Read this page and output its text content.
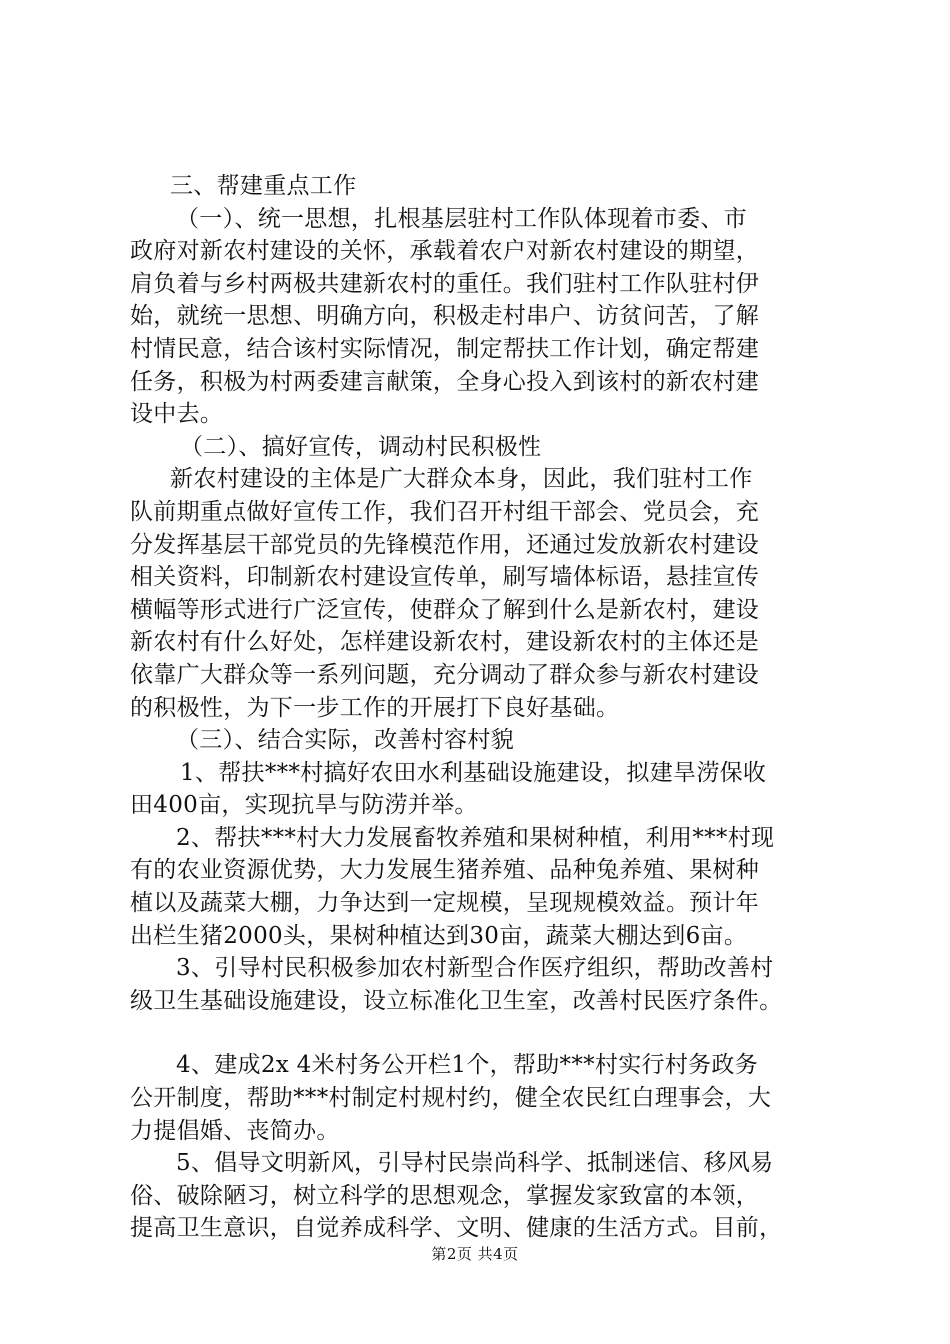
三、帮建重点工作
（一）、统一思想，扎根基层驻村工作队体现着市委、市
政府对新农村建设的关怀，承载着农户对新农村建设的期望，
肩负着与乡村两极共建新农村的重任。我们驻村工作队驻村伊
始，就统一思想、明确方向，积极走村串户、访贫问苦，了解
村情民意，结合该村实际情况，制定帮扶工作计划，确定帮建
任务，积极为村两委建言献策，全身心投入到该村的新农村建
设中去。
（二）、搞好宣传，调动村民积极性
新农村建设的主体是广大群众本身，因此，我们驻村工作
队前期重点做好宣传工作，我们召开村组干部会、党员会，充
分发挥基层干部党员的先锋模范作用，还通过发放新农村建设
相关资料，印制新农村建设宣传单，刷写墙体标语，悬挂宣传
横幅等形式进行广泛宣传，使群众了解到什么是新农村，建设
新农村有什么好处，怎样建设新农村，建设新农村的主体还是
依靠广大群众等一系列问题，充分调动了群众参与新农村建设
的积极性，为下一步工作的开展打下良好基础。
（三）、结合实际，改善村容村貌
1、帮扶***村搞好农田水利基础设施建设，拟建旱涝保收
田400亩，实现抗旱与防涝并举。
2、帮扶***村大力发展畜牧养殖和果树种植，利用***村现
有的农业资源优势，大力发展生猪养殖、品种兔养殖、果树种
植以及蔬菜大棚，力争达到一定规模，呈现规模效益。预计年
出栏生猪2000头，果树种植达到30亩，蔬菜大棚达到6亩。
3、引导村民积极参加农村新型合作医疗组织，帮助改善村
级卫生基础设施建设，设立标准化卫生室，改善村民医疗条件。
4、建成2x 4米村务公开栏1个，帮助***村实行村务政务
公开制度，帮助***村制定村规村约，健全农民红白理事会，大
力提倡婚、丧简办。
5、倡导文明新风，引导村民崇尚科学、抵制迷信、移风易
俗、破除陋习，树立科学的思想观念，掌握发家致富的本领，
提高卫生意识，自觉养成科学、文明、健康的生活方式。目前，
第2页 共4页
